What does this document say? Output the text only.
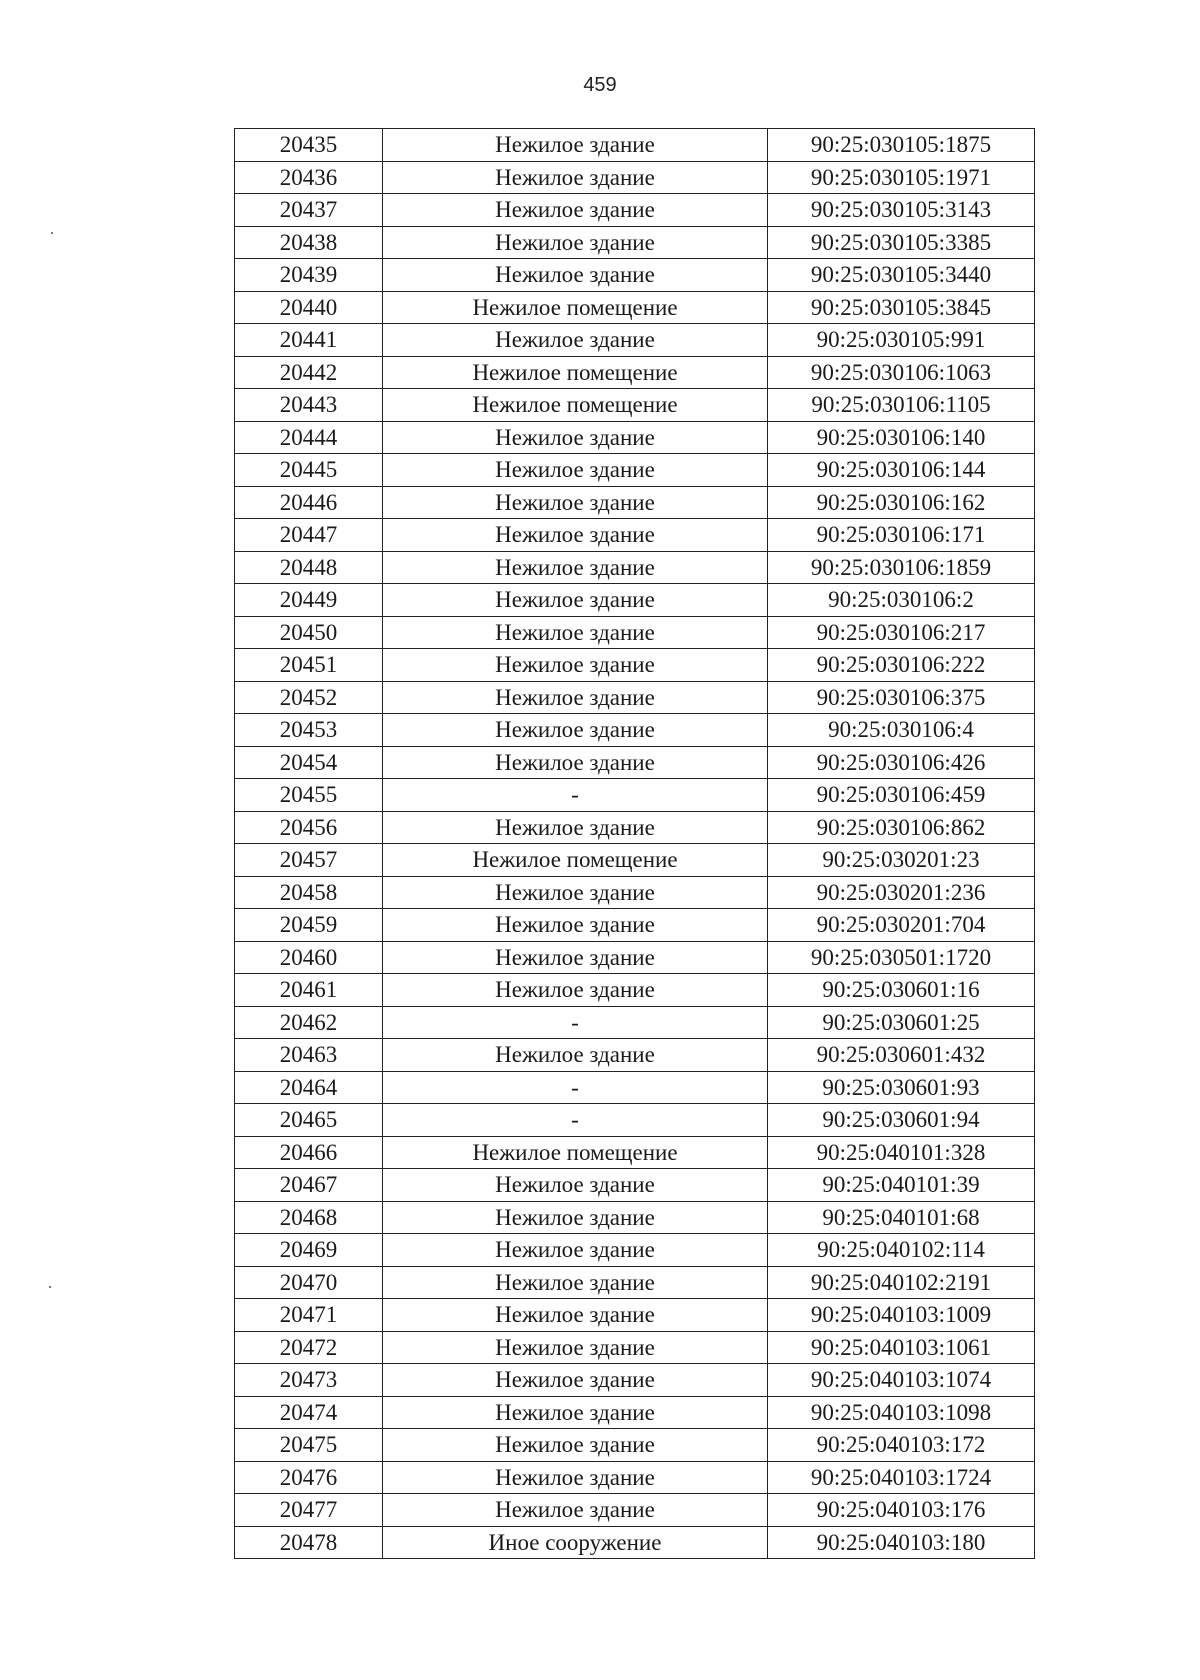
459
20435	Нежилое здание	90:25:030105:1875
20436	Нежилое здание	90:25:030105:1971
20437	Нежилое здание	90:25:030105:3143
20438	Нежилое здание	90:25:030105:3385
20439	Нежилое здание	90:25:030105:3440
20440	Нежилое помещение	90:25:030105:3845
20441	Нежилое здание	90:25:030105:991
20442	Нежилое помещение	90:25:030106:1063
20443	Нежилое помещение	90:25:030106:1105
20444	Нежилое здание	90:25:030106:140
20445	Нежилое здание	90:25:030106:144
20446	Нежилое здание	90:25:030106:162
20447	Нежилое здание	90:25:030106:171
20448	Нежилое здание	90:25:030106:1859
20449	Нежилое здание	90:25:030106:2
20450	Нежилое здание	90:25:030106:217
20451	Нежилое здание	90:25:030106:222
20452	Нежилое здание	90:25:030106:375
20453	Нежилое здание	90:25:030106:4
20454	Нежилое здание	90:25:030106:426
20455	-	90:25:030106:459
20456	Нежилое здание	90:25:030106:862
20457	Нежилое помещение	90:25:030201:23
20458	Нежилое здание	90:25:030201:236
20459	Нежилое здание	90:25:030201:704
20460	Нежилое здание	90:25:030501:1720
20461	Нежилое здание	90:25:030601:16
20462	-	90:25:030601:25
20463	Нежилое здание	90:25:030601:432
20464	-	90:25:030601:93
20465	-	90:25:030601:94
20466	Нежилое помещение	90:25:040101:328
20467	Нежилое здание	90:25:040101:39
20468	Нежилое здание	90:25:040101:68
20469	Нежилое здание	90:25:040102:114
20470	Нежилое здание	90:25:040102:2191
20471	Нежилое здание	90:25:040103:1009
20472	Нежилое здание	90:25:040103:1061
20473	Нежилое здание	90:25:040103:1074
20474	Нежилое здание	90:25:040103:1098
20475	Нежилое здание	90:25:040103:172
20476	Нежилое здание	90:25:040103:1724
20477	Нежилое здание	90:25:040103:176
20478	Иное сооружение	90:25:040103:180
